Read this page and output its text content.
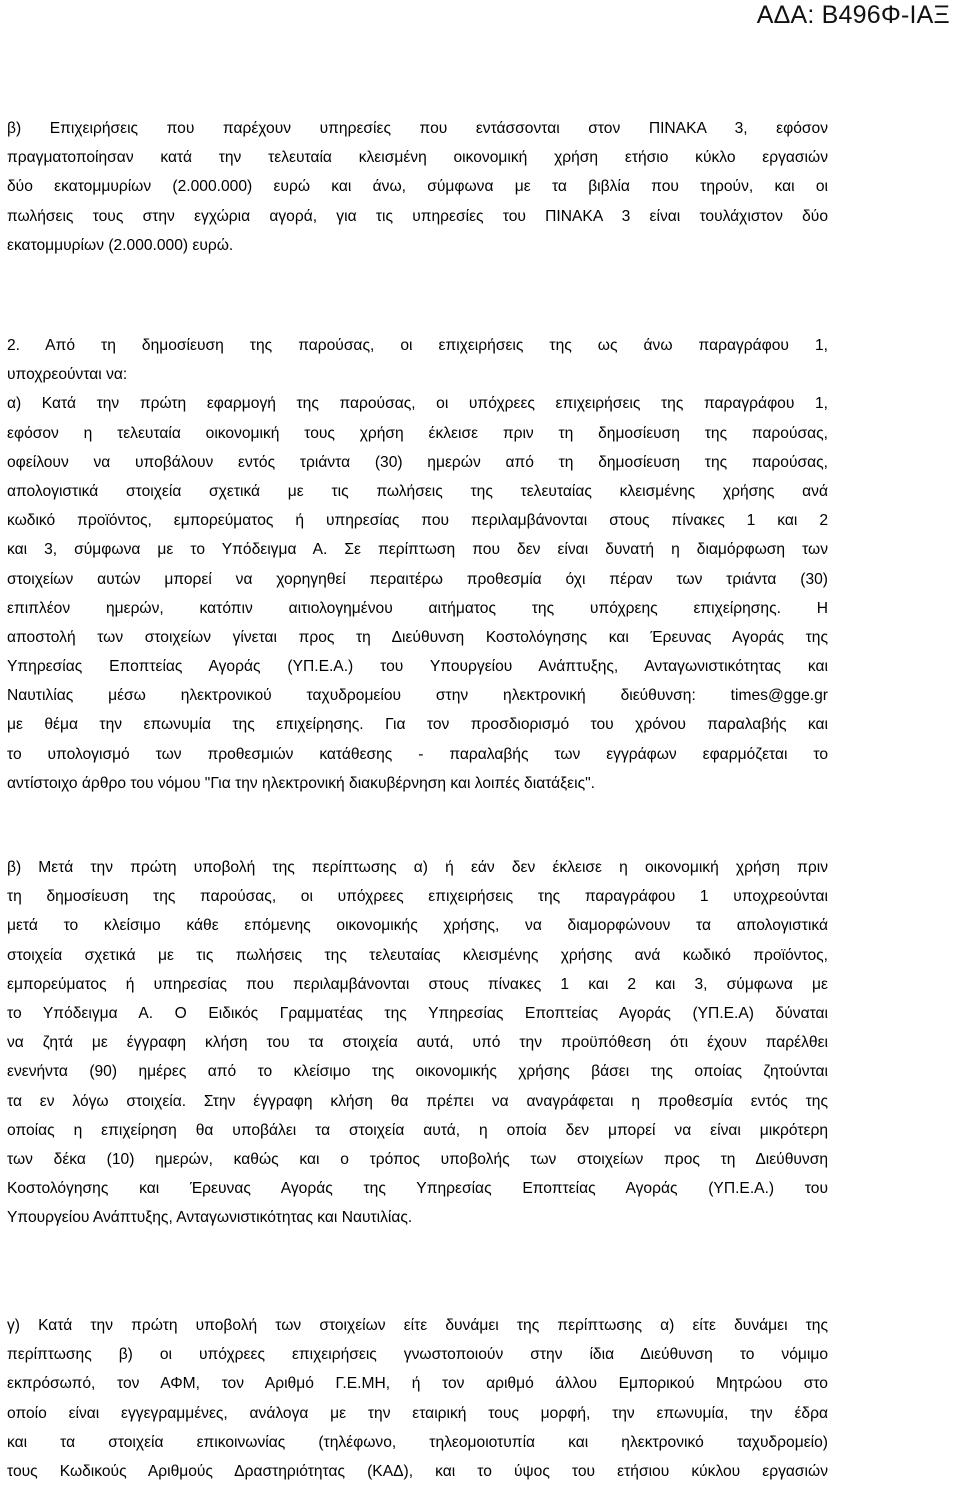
ΑΔΑ: Β496Φ-ΙΑΞ
β) Επιχειρήσεις που παρέχουν υπηρεσίες που εντάσσονται στον ΠΙΝΑΚΑ 3, εφόσον
πραγματοποίησαν κατά την τελευταία κλεισμένη οικονομική χρήση ετήσιο κύκλο εργασιών
δύο εκατομμυρίων (2.000.000) ευρώ και άνω, σύμφωνα με τα βιβλία που τηρούν, και οι
πωλήσεις τους στην εγχώρια αγορά, για τις υπηρεσίες του ΠΙΝΑΚΑ 3 είναι τουλάχιστον δύο
εκατομμυρίων (2.000.000) ευρώ.
2. Από τη δημοσίευση της παρούσας, οι επιχειρήσεις της ως άνω παραγράφου 1,
υποχρεούνται να:
α) Κατά την πρώτη εφαρμογή της παρούσας, οι υπόχρεες επιχειρήσεις της παραγράφου 1,
εφόσον η τελευταία οικονομική τους χρήση έκλεισε πριν τη δημοσίευση της παρούσας,
οφείλουν να υποβάλουν εντός τριάντα (30) ημερών από τη δημοσίευση της παρούσας,
απολογιστικά στοιχεία σχετικά με τις πωλήσεις της τελευταίας κλεισμένης χρήσης ανά
κωδικό προϊόντος, εμπορεύματος ή υπηρεσίας που περιλαμβάνονται στους πίνακες 1 και 2
και 3, σύμφωνα με το Υπόδειγμα Α. Σε περίπτωση που δεν είναι δυνατή η διαμόρφωση των
στοιχείων αυτών μπορεί να χορηγηθεί περαιτέρω προθεσμία όχι πέραν των τριάντα (30)
επιπλέον ημερών, κατόπιν αιτιολογημένου αιτήματος της υπόχρεης επιχείρησης. Η
αποστολή των στοιχείων γίνεται προς τη Διεύθυνση Κοστολόγησης και Έρευνας Αγοράς της
Υπηρεσίας Εποπτείας Αγοράς (ΥΠ.Ε.Α.) του Υπουργείου Ανάπτυξης, Ανταγωνιστικότητας και
Ναυτιλίας μέσω ηλεκτρονικού ταχυδρομείου στην ηλεκτρονική διεύθυνση: times@gge.gr
με θέμα την επωνυμία της επιχείρησης. Για τον προσδιορισμό του χρόνου παραλαβής και
το υπολογισμό των προθεσμιών κατάθεσης - παραλαβής των εγγράφων εφαρμόζεται το
αντίστοιχο άρθρο του νόμου "Για την ηλεκτρονική διακυβέρνηση και λοιπές διατάξεις".
β) Μετά την πρώτη υποβολή της περίπτωσης α) ή εάν δεν έκλεισε η οικονομική χρήση πριν
τη δημοσίευση της παρούσας, οι υπόχρεες επιχειρήσεις της παραγράφου 1 υποχρεούνται
μετά το κλείσιμο κάθε επόμενης οικονομικής χρήσης, να διαμορφώνουν τα απολογιστικά
στοιχεία σχετικά με τις πωλήσεις της τελευταίας κλεισμένης χρήσης ανά κωδικό προϊόντος,
εμπορεύματος ή υπηρεσίας που περιλαμβάνονται στους πίνακες 1 και 2 και 3, σύμφωνα με
το Υπόδειγμα Α. Ο Ειδικός Γραμματέας της Υπηρεσίας Εποπτείας Αγοράς (ΥΠ.Ε.Α) δύναται
να ζητά με έγγραφη κλήση του τα στοιχεία αυτά, υπό την προϋπόθεση ότι έχουν παρέλθει
ενενήντα (90) ημέρες από το κλείσιμο της οικονομικής χρήσης βάσει της οποίας ζητούνται
τα εν λόγω στοιχεία. Στην έγγραφη κλήση θα πρέπει να αναγράφεται η προθεσμία εντός της
οποίας η επιχείρηση θα υποβάλει τα στοιχεία αυτά, η οποία δεν μπορεί να είναι μικρότερη
των δέκα (10) ημερών, καθώς και ο τρόπος υποβολής των στοιχείων προς τη Διεύθυνση
Κοστολόγησης και Έρευνας Αγοράς της Υπηρεσίας Εποπτείας Αγοράς (ΥΠ.Ε.Α.) του
Υπουργείου Ανάπτυξης, Ανταγωνιστικότητας και Ναυτιλίας.
γ) Κατά την πρώτη υποβολή των στοιχείων είτε δυνάμει της περίπτωσης α) είτε δυνάμει της
περίπτωσης β) οι υπόχρεες επιχειρήσεις γνωστοποιούν στην ίδια Διεύθυνση το νόμιμο
εκπρόσωπό, τον ΑΦΜ, τον Αριθμό Γ.Ε.ΜΗ, ή τον αριθμό άλλου Εμπορικού Μητρώου στο
οποίο είναι εγγεγραμμένες, ανάλογα με την εταιρική τους μορφή, την επωνυμία, την έδρα
και τα στοιχεία επικοινωνίας (τηλέφωνο, τηλεομοιοτυπία και ηλεκτρονικό ταχυδρομείο)
τους Κωδικούς Αριθμούς Δραστηριότητας (ΚΑΔ), και το ύψος του ετήσιου κύκλου εργασιών
